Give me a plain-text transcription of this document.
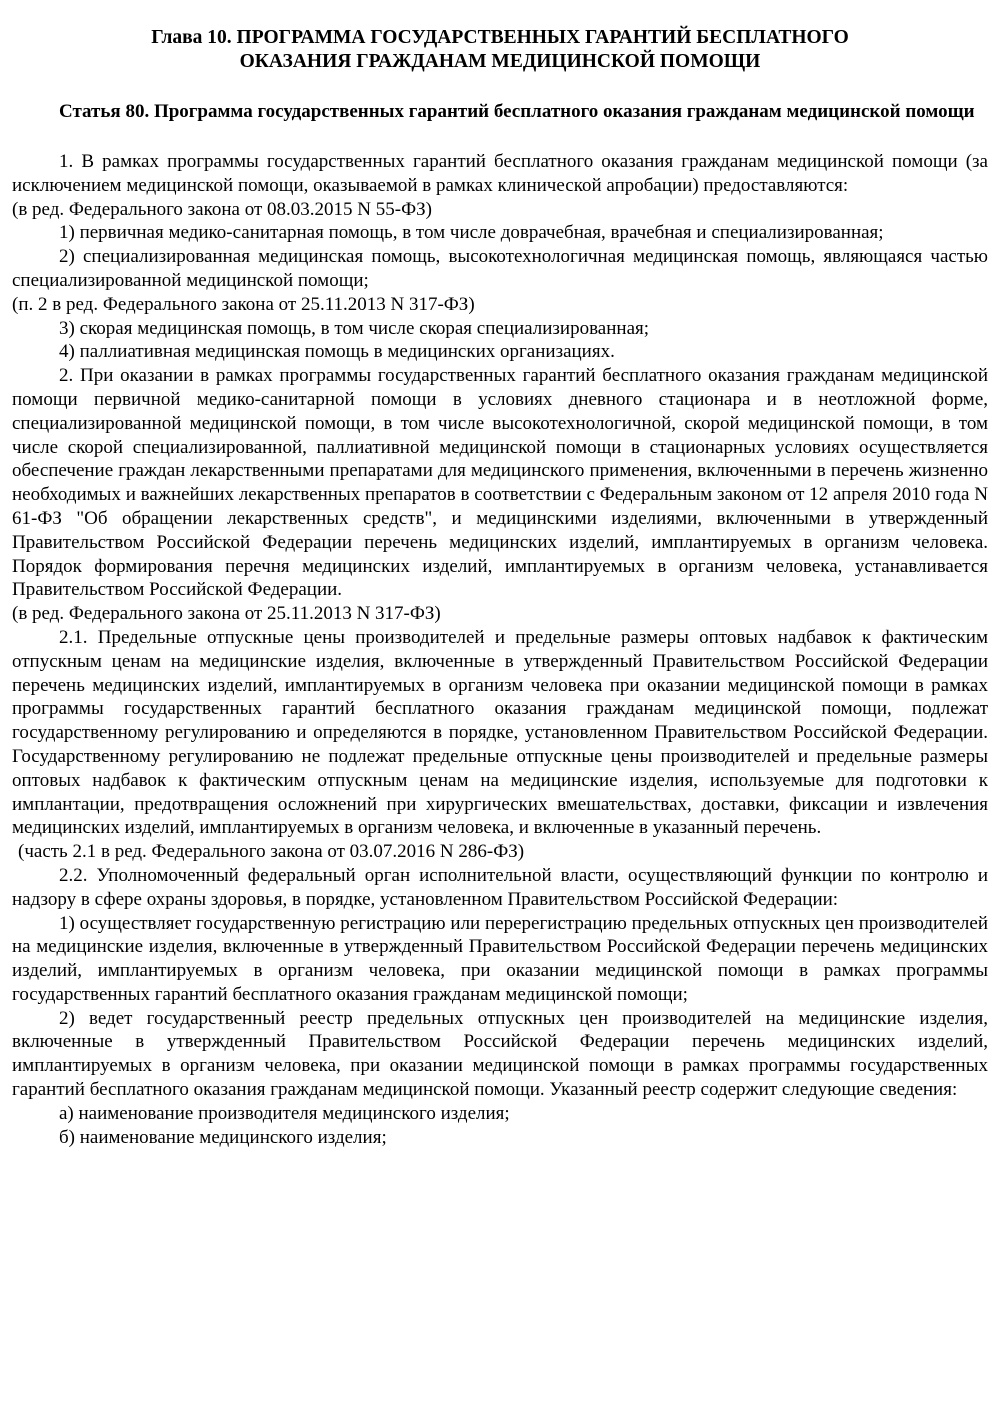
Глава 10. ПРОГРАММА ГОСУДАРСТВЕННЫХ ГАРАНТИЙ БЕСПЛАТНОГО
ОКАЗАНИЯ ГРАЖДАНАМ МЕДИЦИНСКОЙ ПОМОЩИ
Статья 80. Программа государственных гарантий бесплатного оказания гражданам медицинской помощи

1. В рамках программы государственных гарантий бесплатного оказания гражданам медицинской помощи (за исключением медицинской помощи, оказываемой в рамках клинической апробации) предоставляются:

(в ред. Федерального закона от 08.03.2015 N 55-ФЗ)

1) первичная медико-санитарная помощь, в том числе доврачебная, врачебная и специализированная;

2) специализированная медицинская помощь, высокотехнологичная медицинская помощь, являющаяся частью специализированной медицинской помощи;

(п. 2 в ред. Федерального закона от 25.11.2013 N 317-ФЗ)

3) скорая медицинская помощь, в том числе скорая специализированная;

4) паллиативная медицинская помощь в медицинских организациях.

2. При оказании в рамках программы государственных гарантий бесплатного оказания гражданам медицинской помощи первичной медико-санитарной помощи в условиях дневного стационара и в неотложной форме, специализированной медицинской помощи, в том числе высокотехнологичной, скорой медицинской помощи, в том числе скорой специализированной, паллиативной медицинской помощи в стационарных условиях осуществляется обеспечение граждан лекарственными препаратами для медицинского применения, включенными в перечень жизненно необходимых и важнейших лекарственных препаратов в соответствии с Федеральным законом от 12 апреля 2010 года N 61-ФЗ "Об обращении лекарственных средств", и медицинскими изделиями, включенными в утвержденный Правительством Российской Федерации перечень медицинских изделий, имплантируемых в организм человека. Порядок формирования перечня медицинских изделий, имплантируемых в организм человека, устанавливается Правительством Российской Федерации.

(в ред. Федерального закона от 25.11.2013 N 317-ФЗ)

2.1. Предельные отпускные цены производителей и предельные размеры оптовых надбавок к фактическим отпускным ценам на медицинские изделия, включенные в утвержденный Правительством Российской Федерации перечень медицинских изделий, имплантируемых в организм человека при оказании медицинской помощи в рамках программы государственных гарантий бесплатного оказания гражданам медицинской помощи, подлежат государственному регулированию и определяются в порядке, установленном Правительством Российской Федерации. Государственному регулированию не подлежат предельные отпускные цены производителей и предельные размеры оптовых надбавок к фактическим отпускным ценам на медицинские изделия, используемые для подготовки к имплантации, предотвращения осложнений при хирургических вмешательствах, доставки, фиксации и извлечения медицинских изделий, имплантируемых в организм человека, и включенные в указанный перечень.

(часть 2.1 в ред. Федерального закона от 03.07.2016 N 286-ФЗ)

2.2. Уполномоченный федеральный орган исполнительной власти, осуществляющий функции по контролю и надзору в сфере охраны здоровья, в порядке, установленном Правительством Российской Федерации:

1) осуществляет государственную регистрацию или перерегистрацию предельных отпускных цен производителей на медицинские изделия, включенные в утвержденный Правительством Российской Федерации перечень медицинских изделий, имплантируемых в организм человека, при оказании медицинской помощи в рамках программы государственных гарантий бесплатного оказания гражданам медицинской помощи;

2) ведет государственный реестр предельных отпускных цен производителей на медицинские изделия, включенные в утвержденный Правительством Российской Федерации перечень медицинских изделий, имплантируемых в организм человека, при оказании медицинской помощи в рамках программы государственных гарантий бесплатного оказания гражданам медицинской помощи. Указанный реестр содержит следующие сведения:

а) наименование производителя медицинского изделия;

б) наименование медицинского изделия;
